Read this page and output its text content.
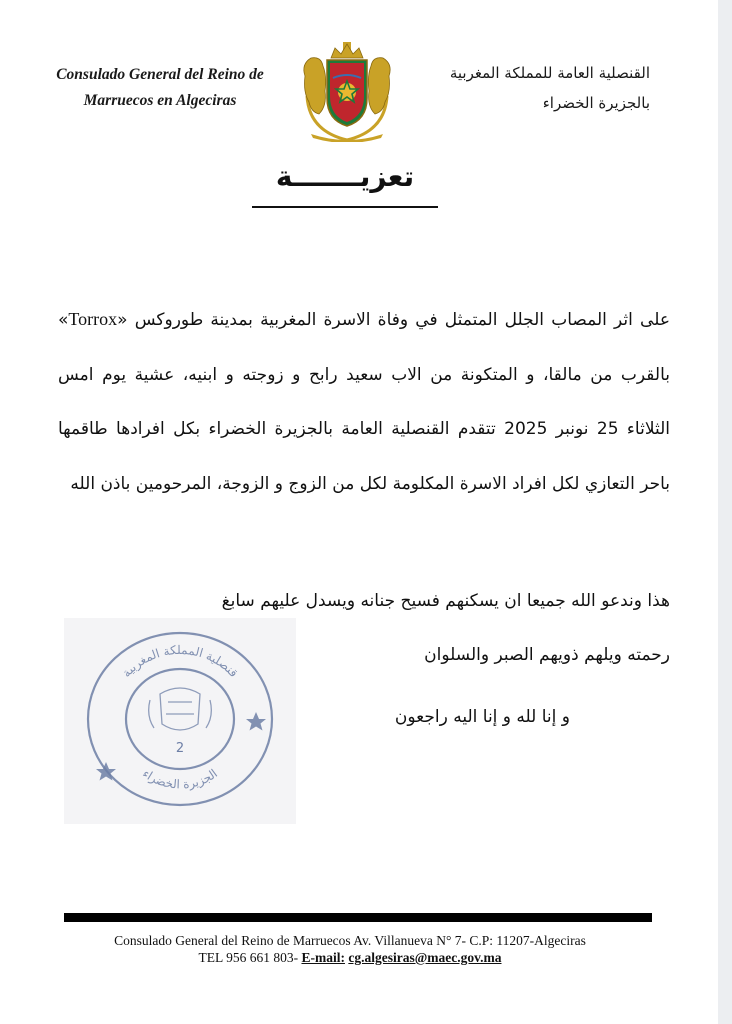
Consulado General del Reino de
Marruecos en Algeciras
القنصلية العامة للمملكة المغربية
بالجزيرة الخضراء
تعزيـــــــة

على اثر المصاب الجلل المتمثل في وفاة الاسرة المغربية بمدينة طوروكس «Torrox» بالقرب من مالقا، و المتكونة من الاب سعيد رابح و زوجته و ابنيه، عشية يوم امس الثلاثاء 25 نونبر 2025 تتقدم القنصلية العامة بالجزيرة الخضراء بكل افرادها طاقمها باحر التعازي لكل افراد الاسرة المكلومة لكل من الزوج و الزوجة، المرحومين باذن الله

هذا وندعو الله جميعا ان يسكنهم فسيح جنانه ويسدل عليهم سابغ
رحمته ويلهم ذويهم الصبر والسلوان
و إنا لله و إنا اليه راجعون
قنصلية المملكة المغربية
الجزيرة الخضراء
2
Consulado General del Reino de Marruecos Av. Villanueva N° 7- C.P: 11207-Algeciras
TEL 956 661 803- E-mail: cg.algesiras@maec.gov.ma
